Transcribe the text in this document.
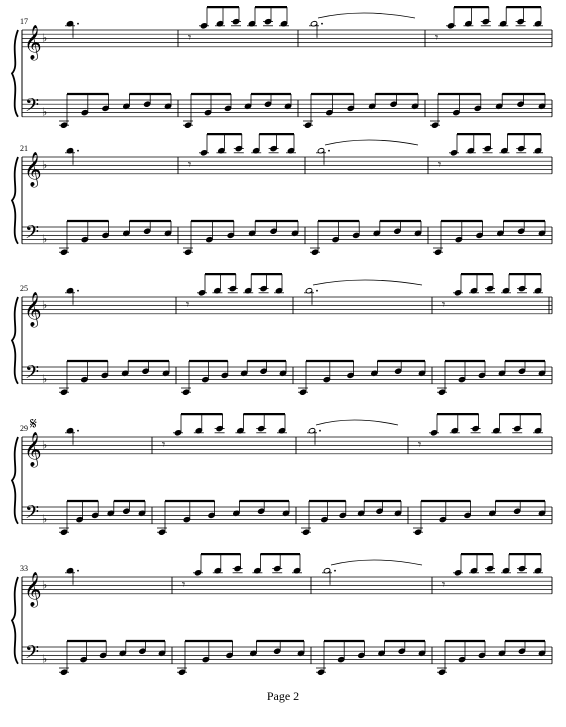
𝄞 ♭
𝄢 ♭
17
𝄾	𝄾
𝄞 ♭
𝄢 ♭
21
𝄾	𝄾
𝄞 ♭
𝄢 ♭
25
𝄾	𝄾
𝄞 ♭
𝄢 ♭
29
𝄾	𝄾
𝄞 ♭
𝄢 ♭
33
𝄾	𝄾
𝄋
Page 2
